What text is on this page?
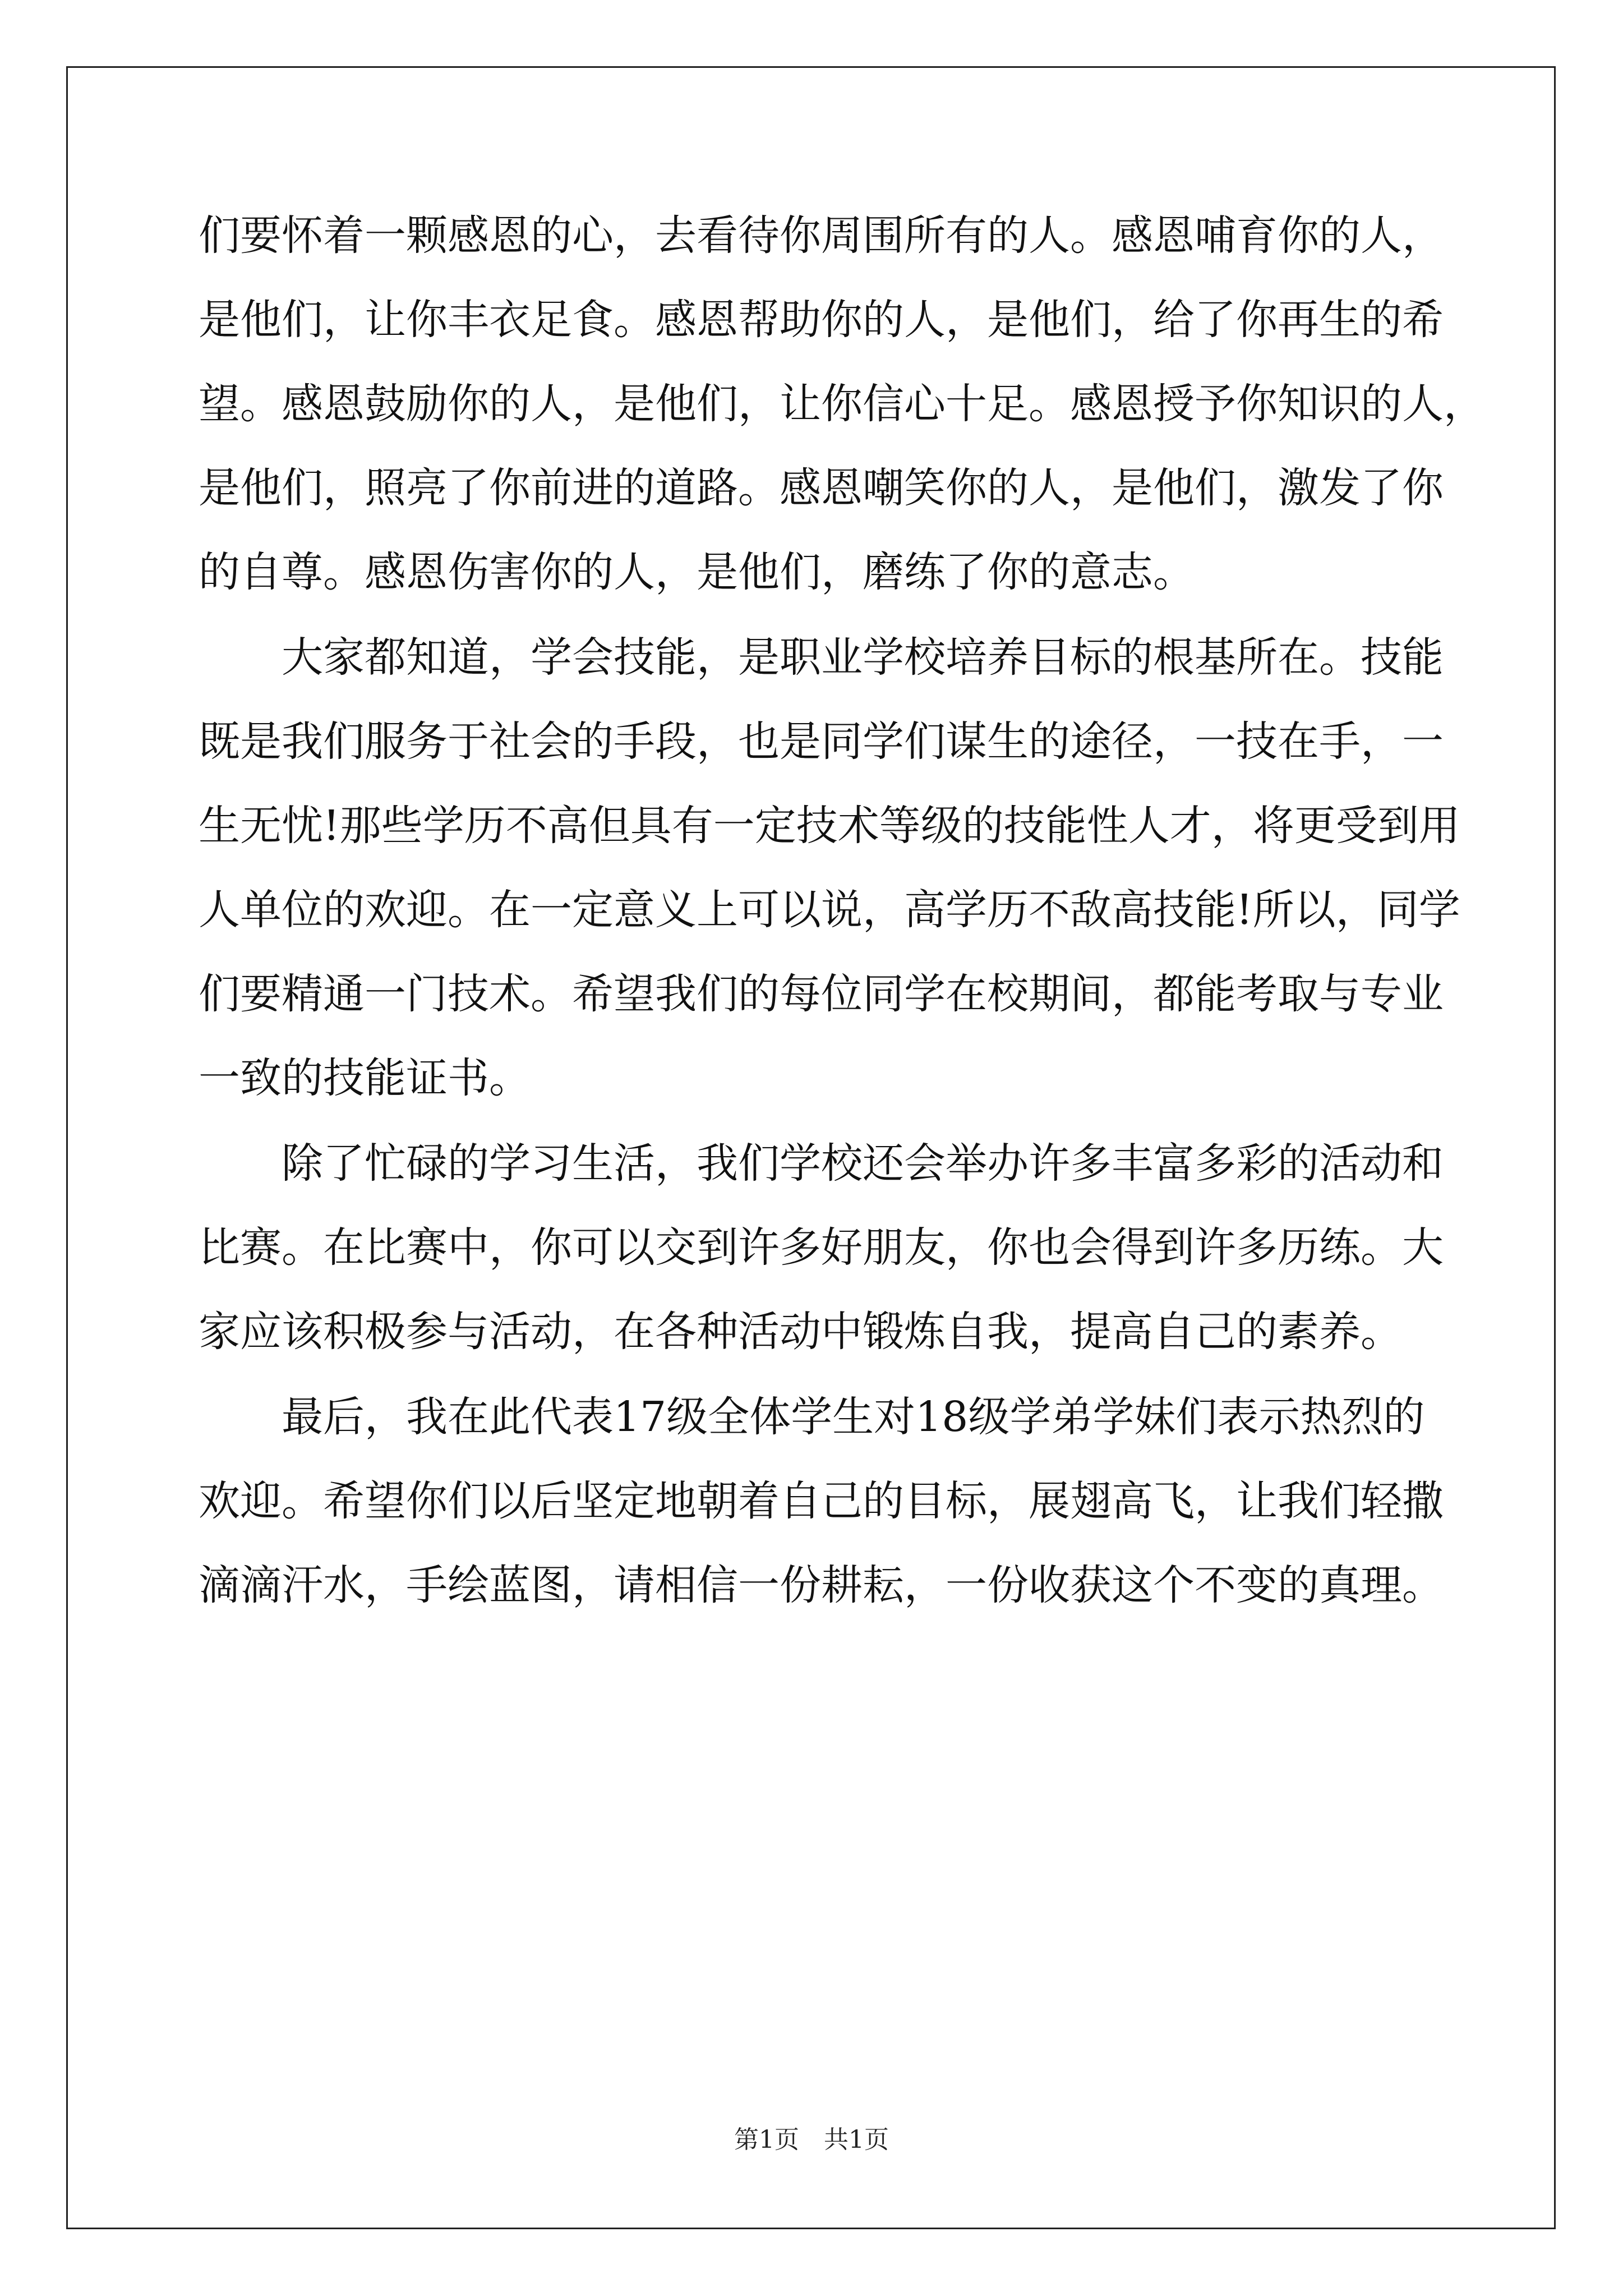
们要怀着一颗感恩的心，去看待你周围所有的人。感恩哺育你的人，
是他们，让你丰衣足食。感恩帮助你的人，是他们，给了你再生的希
望。感恩鼓励你的人，是他们，让你信心十足。感恩授予你知识的人，
是他们，照亮了你前进的道路。感恩嘲笑你的人，是他们，激发了你
的自尊。感恩伤害你的人，是他们，磨练了你的意志。
大家都知道，学会技能，是职业学校培养目标的根基所在。技能
既是我们服务于社会的手段，也是同学们谋生的途径，一技在手，一
生无忧!那些学历不高但具有一定技术等级的技能性人才，将更受到用
人单位的欢迎。在一定意义上可以说，高学历不敌高技能!所以，同学
们要精通一门技术。希望我们的每位同学在校期间，都能考取与专业
一致的技能证书。
除了忙碌的学习生活，我们学校还会举办许多丰富多彩的活动和
比赛。在比赛中，你可以交到许多好朋友，你也会得到许多历练。大
家应该积极参与活动，在各种活动中锻炼自我，提高自己的素养。
最后，我在此代表17级全体学生对18级学弟学妹们表示热烈的
欢迎。希望你们以后坚定地朝着自己的目标，展翅高飞，让我们轻撒
滴滴汗水，手绘蓝图，请相信一份耕耘，一份收获这个不变的真理。
第1页　共1页
